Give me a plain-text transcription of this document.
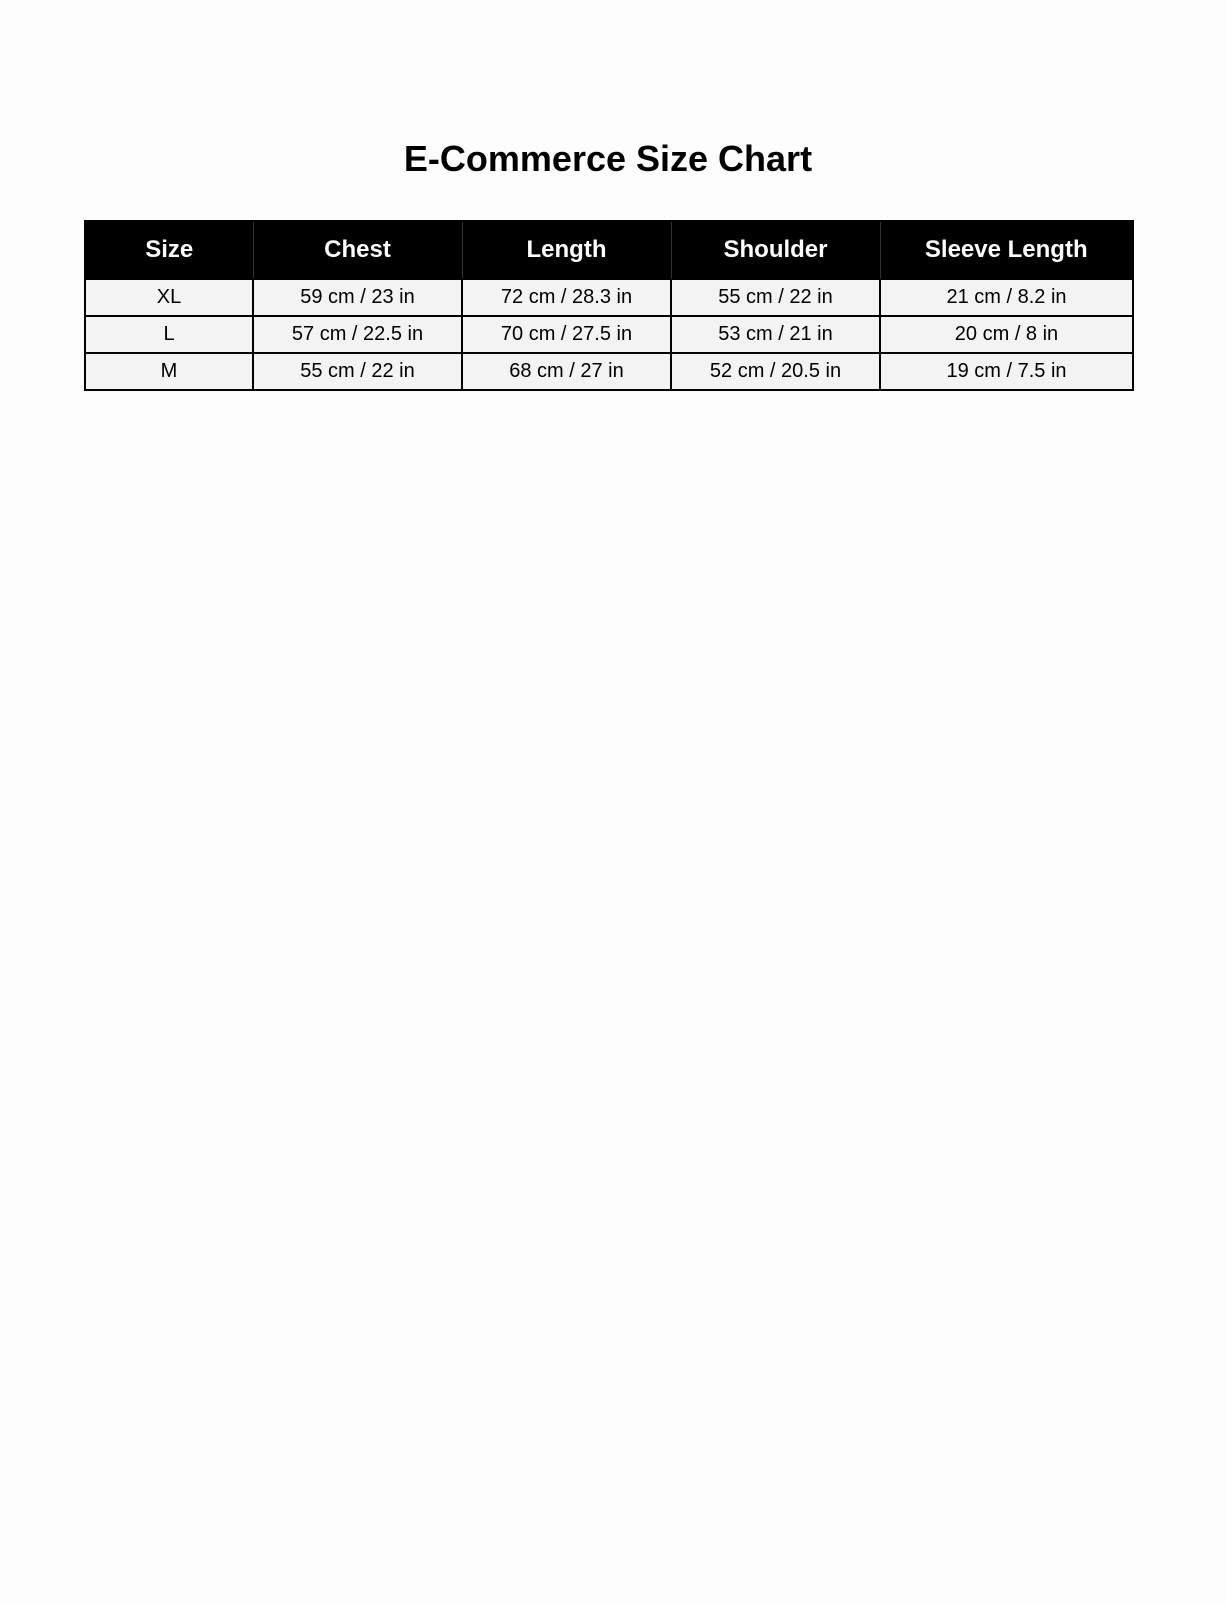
E-Commerce Size Chart
Size	Chest	Length	Shoulder	Sleeve Length
XL	59 cm / 23 in	72 cm / 28.3 in	55 cm / 22 in	21 cm / 8.2 in
L	57 cm / 22.5 in	70 cm / 27.5 in	53 cm / 21 in	20 cm / 8 in
M	55 cm / 22 in	68 cm / 27 in	52 cm / 20.5 in	19 cm / 7.5 in
